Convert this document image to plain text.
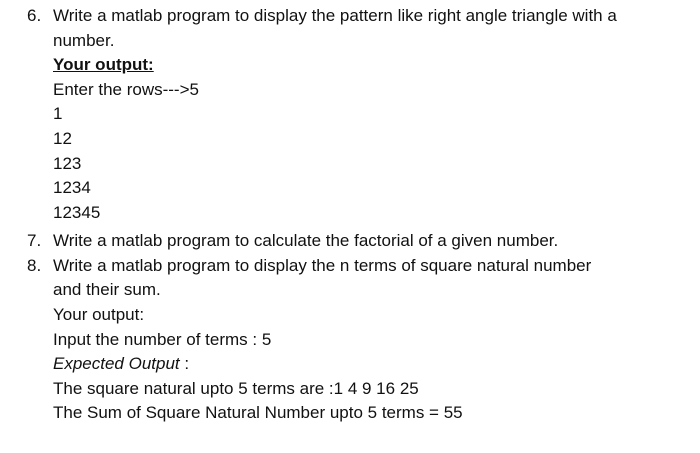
6. Write a matlab program to display the pattern like right angle triangle with a
number.
Your output:
Enter the rows--->5
1
12
123
1234
12345
7. Write a matlab program to calculate the factorial of a given number.
8. Write a matlab program to display the n terms of square natural number
and their sum.
Your output:
Input the number of terms : 5
Expected Output :
The square natural upto 5 terms are :1 4 9 16 25
The Sum of Square Natural Number upto 5 terms = 55
